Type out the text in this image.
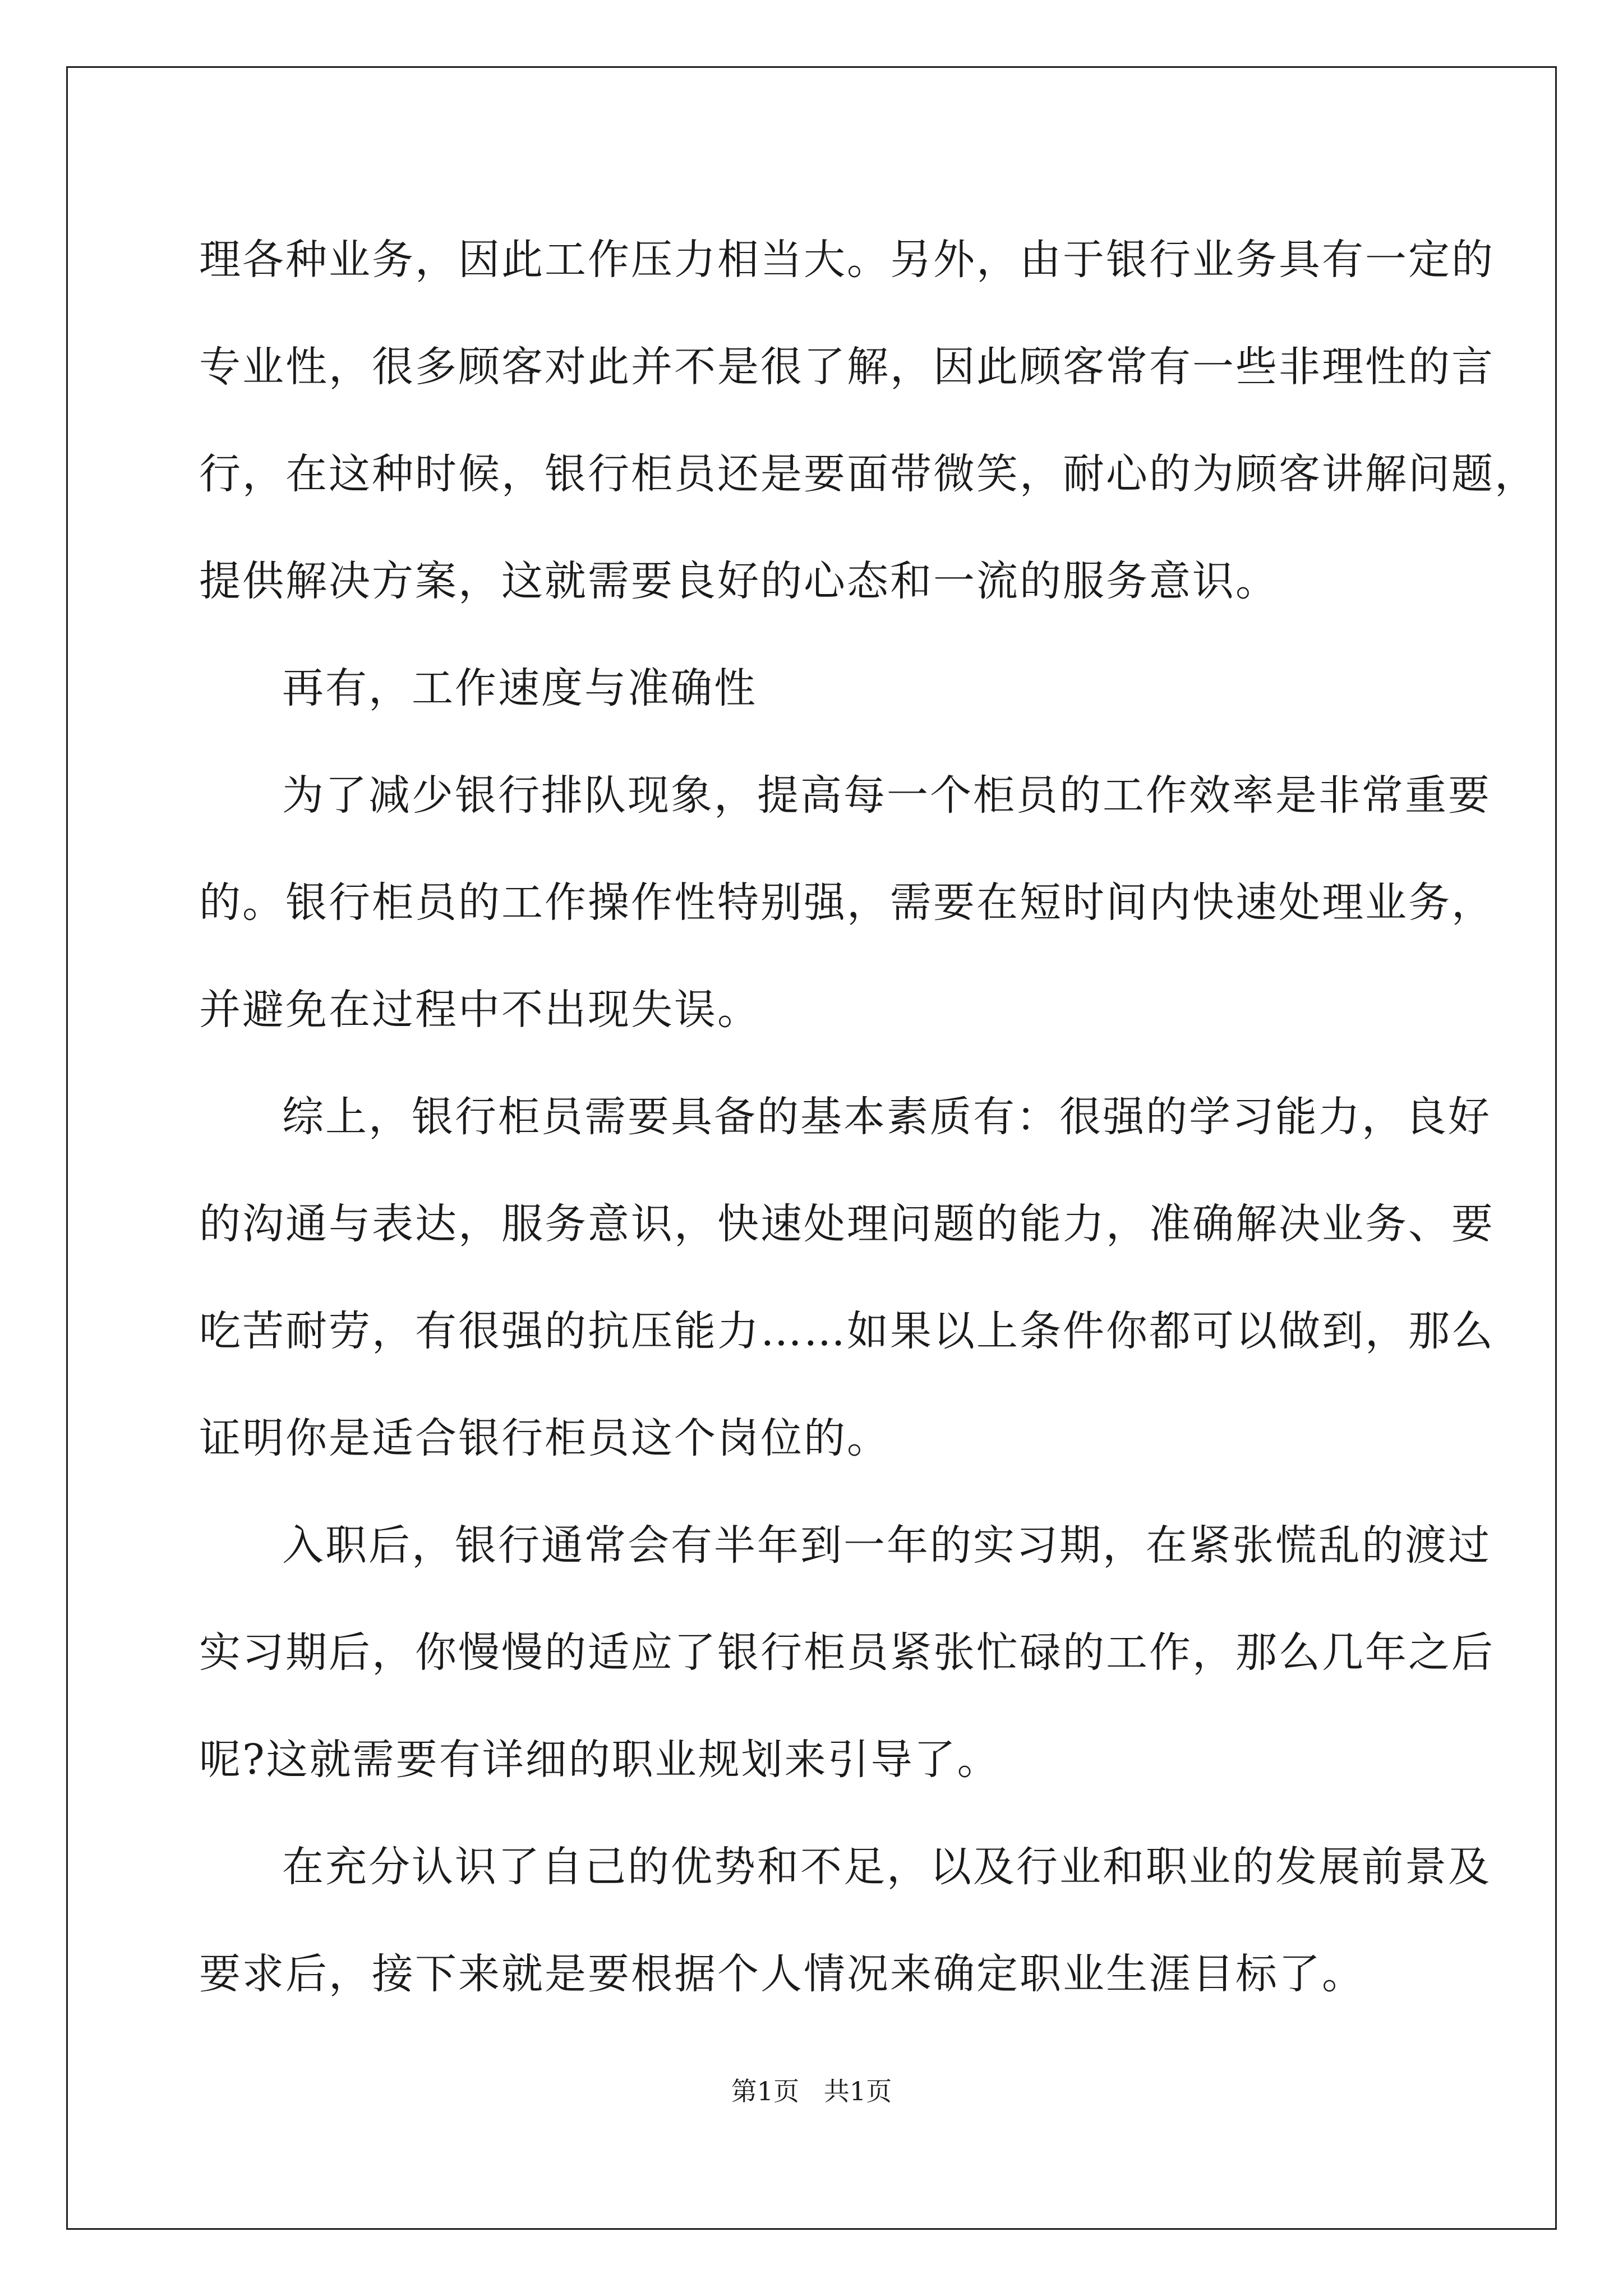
理各种业务，因此工作压力相当大。另外，由于银行业务具有一定的
专业性，很多顾客对此并不是很了解，因此顾客常有一些非理性的言
行，在这种时候，银行柜员还是要面带微笑，耐心的为顾客讲解问题，
提供解决方案，这就需要良好的心态和一流的服务意识。
再有，工作速度与准确性
为了减少银行排队现象，提高每一个柜员的工作效率是非常重要
的。银行柜员的工作操作性特别强，需要在短时间内快速处理业务，
并避免在过程中不出现失误。
综上，银行柜员需要具备的基本素质有：很强的学习能力，良好
的沟通与表达，服务意识，快速处理问题的能力，准确解决业务、要
吃苦耐劳，有很强的抗压能力……如果以上条件你都可以做到，那么
证明你是适合银行柜员这个岗位的。
入职后，银行通常会有半年到一年的实习期，在紧张慌乱的渡过
实习期后，你慢慢的适应了银行柜员紧张忙碌的工作，那么几年之后
呢?这就需要有详细的职业规划来引导了。
在充分认识了自己的优势和不足，以及行业和职业的发展前景及
要求后，接下来就是要根据个人情况来确定职业生涯目标了。
第1页   共1页
